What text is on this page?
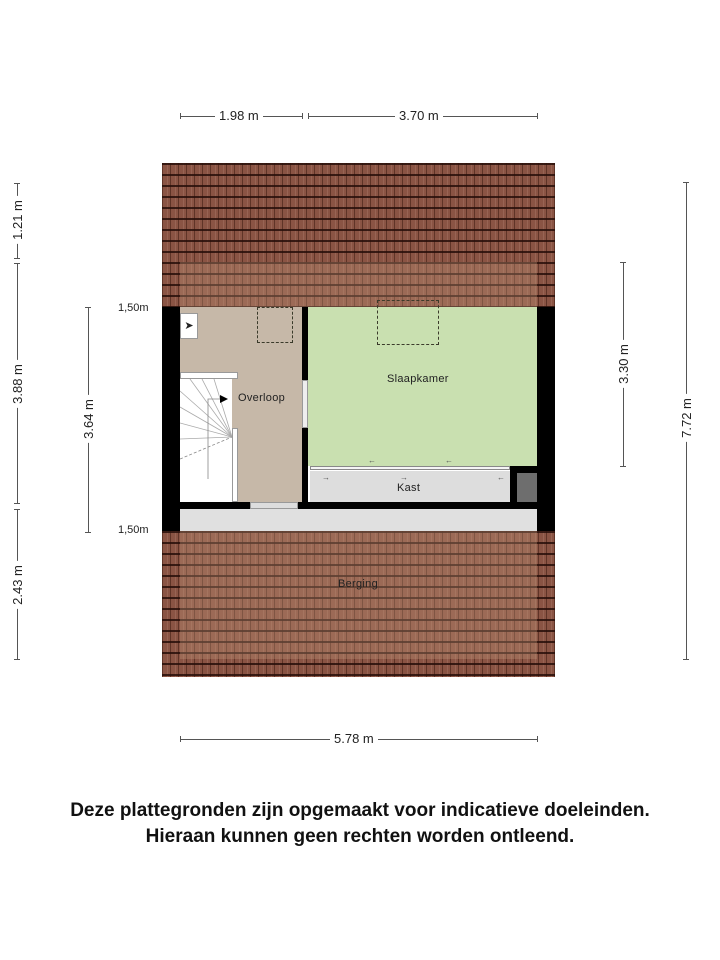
1.98 m	3.70 m
1.21 m
3.88 m
2.43 m
3.64 m
1,50m
1,50m
3.30 m
7.72 m
➤
Overloop
Slaapkamer
←	←
→	→	←
Kast
Berging
5.78 m
Deze plattegronden zijn opgemaakt voor indicatieve doeleinden.
Hieraan kunnen geen rechten worden ontleend.
